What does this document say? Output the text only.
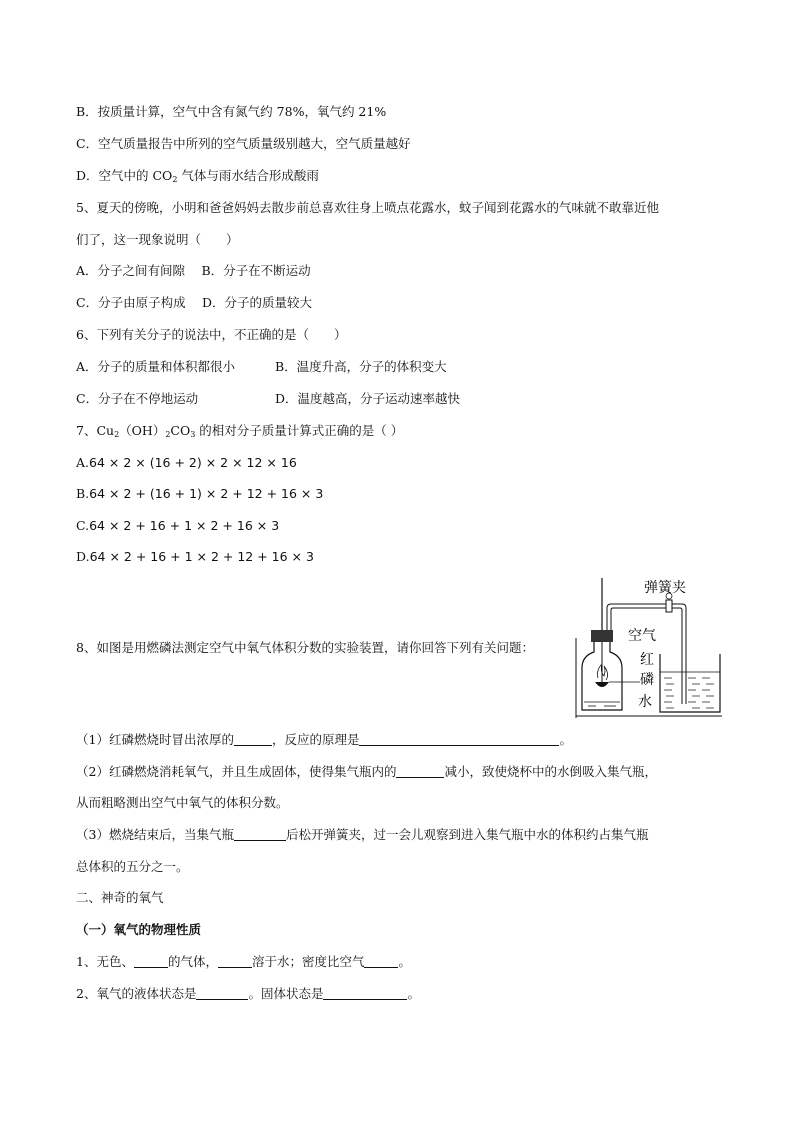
B．按质量计算，空气中含有氮气约 78%，氧气约 21%
C．空气质量报告中所列的空气质量级别越大，空气质量越好
D．空气中的 $CO_2$ 气体与雨水结合形成酸雨
5、夏天的傍晚，小明和爸爸妈妈去散步前总喜欢往身上喷点花露水，蚊子闻到花露水的气味就不敢靠近他
们了，这一现象说明（　　）
A．分子之间有间隙　 B．分子在不断运动
C．分子由原子构成　 D．分子的质量较大
6、下列有关分子的说法中，不正确的是（　　）
A．分子的质量和体积都很小	B．温度升高，分子的体积变大
C．分子在不停地运动	D．温度越高，分子运动速率越快
7、$Cu_2(OH)_2CO_3$ 的相对分子质量计算式正确的是（ ）
A.64 × 2 × (16 + 2) × 2 × 12 × 16
B.64 × 2 + (16 + 1) × 2 + 12 + 16 × 3
C.64 × 2 + 16 + 1 × 2 + 16 × 3
D.64 × 2 + 16 + 1 × 2 + 12 + 16 × 3
8、如图是用燃磷法测定空气中氧气体积分数的实验装置，请你回答下列有关问题：
弹簧夹
空气
红
磷
水
（1）红磷燃烧时冒出浓厚的	，反应的原理是	。
（2）红磷燃烧消耗氧气，并且生成固体，使得集气瓶内的	减小，致使烧杯中的水倒吸入集气瓶，
从而粗略测出空气中氧气的体积分数。
（3）燃烧结束后，当集气瓶	后松开弹簧夹，过一会儿观察到进入集气瓶中水的体积约占集气瓶
总体积的五分之一。
二、神奇的氧气
（一）氧气的物理性质
1、无色、	的气体，	溶于水；密度比空气	。
2、氧气的液体状态是	。固体状态是	。
